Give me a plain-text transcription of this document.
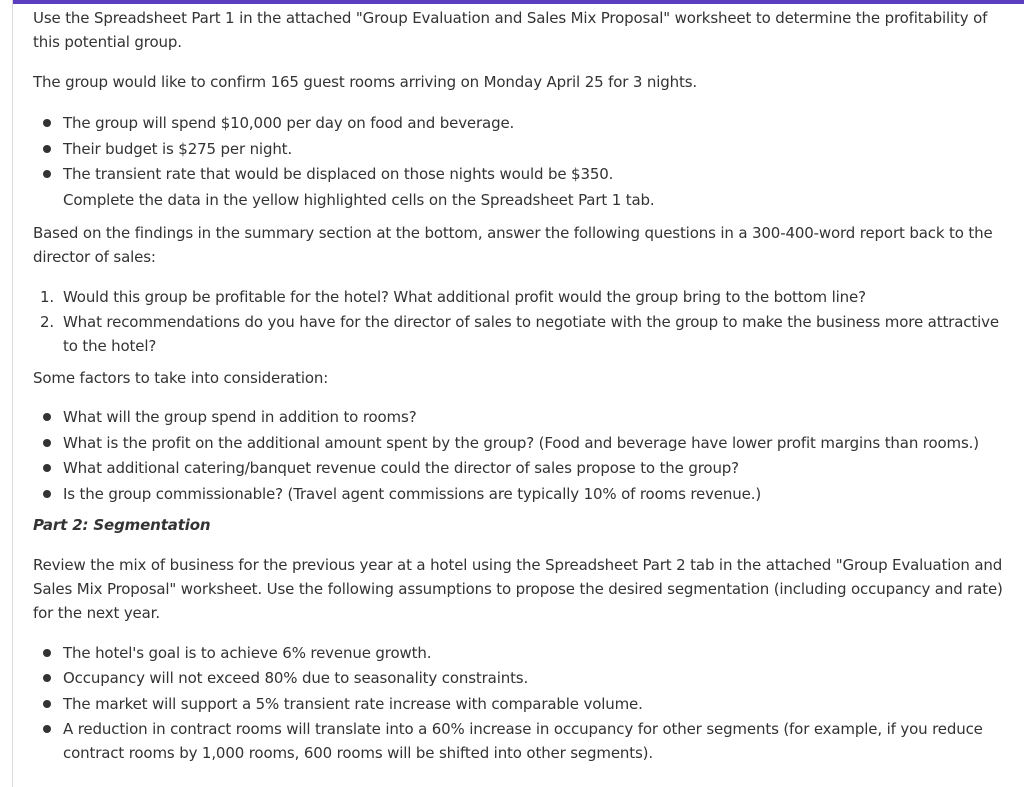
Use the Spreadsheet Part 1 in the attached "Group Evaluation and Sales Mix Proposal" worksheet to determine the profitability of this potential group.

The group would like to confirm 165 guest rooms arriving on Monday April 25 for 3 nights.

The group will spend $10,000 per day on food and beverage.
Their budget is $275 per night.
The transient rate that would be displaced on those nights would be $350.

Complete the data in the yellow highlighted cells on the Spreadsheet Part 1 tab.

Based on the findings in the summary section at the bottom, answer the following questions in a 300-400-word report back to the director of sales:

1. Would this group be profitable for the hotel? What additional profit would the group bring to the bottom line?
2. What recommendations do you have for the director of sales to negotiate with the group to make the business more attractive to the hotel?

Some factors to take into consideration:

What will the group spend in addition to rooms?
What is the profit on the additional amount spent by the group? (Food and beverage have lower profit margins than rooms.)
What additional catering/banquet revenue could the director of sales propose to the group?
Is the group commissionable? (Travel agent commissions are typically 10% of rooms revenue.)

Part 2: Segmentation

Review the mix of business for the previous year at a hotel using the Spreadsheet Part 2 tab in the attached "Group Evaluation and Sales Mix Proposal" worksheet. Use the following assumptions to propose the desired segmentation (including occupancy and rate) for the next year.

The hotel's goal is to achieve 6% revenue growth.
Occupancy will not exceed 80% due to seasonality constraints.
The market will support a 5% transient rate increase with comparable volume.
A reduction in contract rooms will translate into a 60% increase in occupancy for other segments (for example, if you reduce contract rooms by 1,000 rooms, 600 rooms will be shifted into other segments).
